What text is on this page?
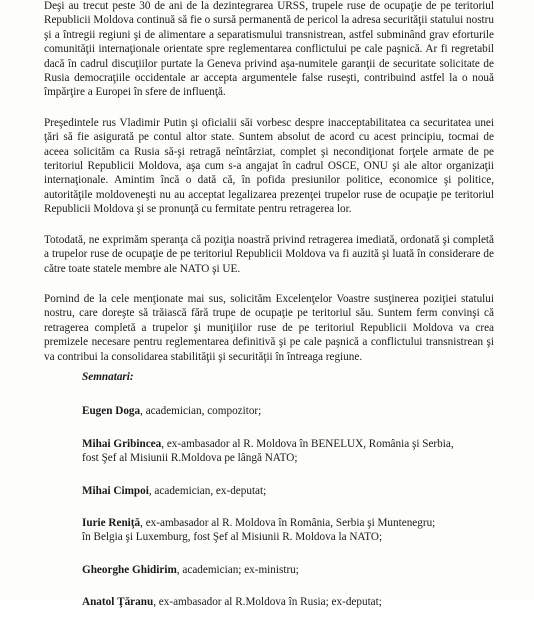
Deşi au trecut peste 30 de ani de la dezintegrarea URSS, trupele ruse de ocupaţie de pe teritoriul Republicii Moldova continuă să fie o sursă permanentă de pericol la adresa securităţii statului nostru şi a întregii regiuni şi de alimentare a separatismului transnistrean, astfel subminând grav eforturile comunităţii internaţionale orientate spre reglementarea conflictului pe cale paşnică. Ar fi regretabil dacă în cadrul discuţiilor purtate la Geneva privind aşa-numitele garanţii de securitate solicitate de Rusia democraţiile occidentale ar accepta argumentele false ruseşti, contribuind astfel la o nouă împărţire a Europei în sfere de influenţă.

Preşedintele rus Vladimir Putin şi oficialii săi vorbesc despre inacceptabilitatea ca securitatea unei ţări să fie asigurată pe contul altor state. Suntem absolut de acord cu acest principiu, tocmai de aceea solicităm ca Rusia să-şi retragă neîntârziat, complet şi necondiţionat forţele armate de pe teritoriul Republicii Moldova, aşa cum s-a angajat în cadrul OSCE, ONU şi ale altor organizaţii internaţionale. Amintim încă o dată că, în pofida presiunilor politice, economice şi politice, autorităţile moldoveneşti nu au acceptat legalizarea prezenţei trupelor ruse de ocupaţie pe teritoriul Republicii Moldova şi se pronunţă cu fermitate pentru retragerea lor.

Totodată, ne exprimăm speranţa că poziţia noastră privind retragerea imediată, ordonată şi completă a trupelor ruse de ocupaţie de pe teritoriul Republicii Moldova va fi auzită şi luată în considerare de către toate statele membre ale NATO şi UE.

Pornind de la cele menţionate mai sus, solicităm Excelenţelor Voastre susţinerea poziţiei statului nostru, care doreşte să trăiască fără trupe de ocupaţie pe teritoriul său. Suntem ferm convinşi că retragerea completă a trupelor şi muniţiilor ruse de pe teritoriul Republicii Moldova va crea premizele necesare pentru reglementarea definitivă şi pe cale paşnică a conflictului transnistrean şi va contribui la consolidarea stabilităţii şi securităţii în întreaga regiune.

Semnatari:

Eugen Doga, academician, compozitor;

Mihai Gribincea, ex-ambasador al R. Moldova în BENELUX, România şi Serbia,
fost Şef al Misiunii R.Moldova pe lângă NATO;

Mihai Cimpoi, academician, ex-deputat;

Iurie Reniţă, ex-ambasador al R. Moldova în România, Serbia şi Muntenegru;
în Belgia şi Luxemburg, fost Şef al Misiunii R. Moldova la NATO;

Gheorghe Ghidirim, academician; ex-ministru;

Anatol Ţăranu, ex-ambasador al R.Moldova în Rusia; ex-deputat;
